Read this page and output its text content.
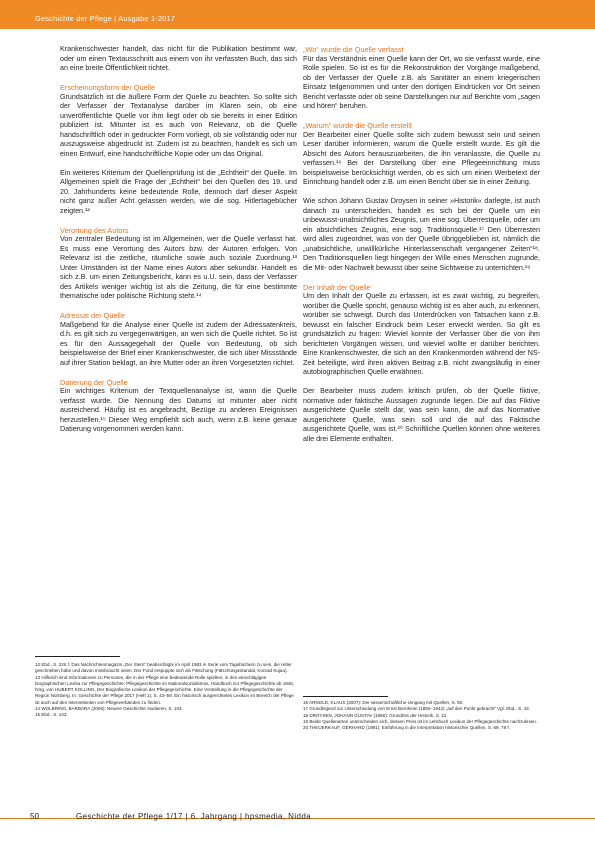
Geschichte der Pflege | Ausgabe 1-2017

Krankenschwester handelt, das nicht für die Publikation bestimmt war, oder um einen Textausschnitt aus einem von ihr verfassten Buch, das sich an eine breite Öffentlichkeit richtet.

Erscheinungsform der Quelle

Grundsätzlich ist die äußere Form der Quelle zu beachten. So sollte sich der Verfasser der Textanalyse darüber im Klaren sein, ob eine unveröffentlichte Quelle vor ihm liegt oder ob sie bereits in einer Edition publiziert ist. Mitunter ist es auch von Relevanz, ob die Quelle handschriftlich oder in gedruckter Form vorliegt, ob sie vollständig oder nur auszugsweise abgedruckt ist. Zudem ist zu beachten, handelt es sich um einen Entwurf, eine handschriftliche Kopie oder um das Original.

Ein weiteres Kriterium der Quellenprüfung ist die „Echtheit“ der Quelle. Im Allgemeinen spielt die Frage der „Echtheit“ bei den Quellen des 19. und 20. Jahrhunderts keine bedeutende Rolle, dennoch darf dieser Aspekt nicht ganz außer Acht gelassen werden, wie die sog. Hitlertagebücher zeigten.¹²

Verortung des Autors

Von zentraler Bedeutung ist im Allgemeinen, wer die Quelle verfasst hat. Es muss eine Verortung des Autors bzw. der Autoren erfolgen. Von Relevanz ist die zeitliche, räumliche sowie auch soziale Zuordnung.¹³ Unter Umständen ist der Name eines Autors aber sekundär. Handelt es sich z.B. um einen Zeitungsbericht, kann es u.U. sein, dass der Verfasser des Artikels weniger wichtig ist als die Zeitung, die für eine bestimmte thematische oder politische Richtung steht.¹⁴

Adressat der Quelle

Maßgebend für die Analyse einer Quelle ist zudem der Adressatenkreis, d.h. es gilt sich zu vergegenwärtigen, an wen sich die Quelle richtet. So ist es für den Aussagegehalt der Quelle von Bedeutung, ob sich beispielsweise der Brief einer Krankenschwester, die sich über Missstände auf ihrer Station beklagt, an ihre Mutter oder an ihren Vorgesetzten richtet.

Datierung der Quelle

Ein wichtiges Kriterium der Textquellenanalyse ist, wann die Quelle verfasst wurde. Die Nennung des Datums ist mitunter aber nicht ausreichend. Häufig ist es angebracht, Bezüge zu anderen Ereignissen herzustellen.¹⁵ Dieser Weg empfiehlt sich auch, wenn z.B. keine genaue Datierung vorgenommen werden kann.

„Wo“ wurde die Quelle verfasst

Für das Verständnis einer Quelle kann der Ort, wo sie verfasst wurde, eine Rolle spielen. So ist es für die Rekonstruktion der Vorgänge maßgebend, ob der Verfasser der Quelle z.B. als Sanitäter an einem kriegerischen Einsatz teilgenommen und unter den dortigen Eindrücken vor Ort seinen Bericht verfasste oder ob seine Darstellungen nur auf Berichte vom „sagen und hören“ beruhen.

„Warum“ wurde die Quelle erstellt

Der Bearbeiter einer Quelle sollte sich zudem bewusst sein und seinen Leser darüber informieren, warum die Quelle erstellt wurde. Es gilt die Absicht des Autors herauszuarbeiten, die ihn veranlasste, die Quelle zu verfassen.¹⁶ Bei der Darstellung über eine Pflegeeinrichtung muss beispielsweise berücksichtigt werden, ob es sich um einen Werbetext der Einrichtung handelt oder z.B. um einen Bericht über sie in einer Zeitung.

Wie schon Johann Gustav Droysen in seiner »Historik« darlegte, ist auch danach zu unterscheiden, handelt es sich bei der Quelle um ein unbewusst-unabsichtliches Zeugnis, um eine sog. Überrestquelle, oder um ein absichtliches Zeugnis, eine sog. Traditionsquelle.¹⁷ Den Überresten wird alles zugeordnet, was von der Quelle übriggeblieben ist, nämlich die „unabsichtliche, unwillkürliche Hinterlassenschaft vergangener Zeiten“¹⁸. Den Traditionsquellen liegt hingegen der Wille eines Menschen zugrunde, die Mit- oder Nachwelt bewusst über seine Sichtweise zu unterrichten.¹⁹

Der Inhalt der Quelle

Um den Inhalt der Quelle zu erfassen, ist es zwar wichtig, zu begreifen, worüber die Quelle spricht, genauso wichtig ist es aber auch, zu erkennen, worüber sie schweigt. Durch das Unterdrücken von Tatsachen kann z.B. bewusst ein falscher Eindruck beim Leser erweckt werden. So gilt es grundsätzlich zu fragen: Wieviel konnte der Verfasser über die von ihm berichteten Vorgängen wissen, und wieviel wollte er darüber berichten. Eine Krankenschwester, die sich an den Krankenmorden während der NS-Zeit beteiligte, wird ihren aktiven Beitrag z.B. nicht zwangsläufig in einer autobiographischen Quelle erwähnen.

Der Bearbeiter muss zudem kritisch prüfen, ob der Quelle fiktive, normative oder faktische Aussagen zugrunde liegen. Die auf das Fiktive ausgerichtete Quelle stellt dar, was sein kann, die auf das Normative ausgerichtete Quelle, was sein soll und die auf das Faktische ausgerichtete Quelle, was ist.²⁰ Schriftliche Quellen können ohne weiteres alle drei Elemente enthalten.

12 Ebd., S. 226 f. Das Nachrichtenmagazin „Der Stern“ beabsichtigte im April 1983 in Serie vom Tagebüchern zu sein, die Hitler geschrieben habe und davon missbraucht seien. Der Fund entpuppte sich als Fälschung (Fälschungsskandal, Konrad Kujau).

13 Hilfreich sind Informationen zu Personen, die in der Pflege eine bedeutende Rolle spielten, in den einschlägigen biographischen Lexika zur Pflegegeschichte: Pflegegeschichte im Nationalsozialismus, Handbuch zur Pflegegeschichte ab 1945, hrsg. von HUBERT KOLLING, Der Biografische Lexikon der Pflegegeschichte. Eine Vorstellung in die Pflegegeschichte der Region Nürnberg. In: Geschichte der Pflege 2017 (Heft 1), S. 43–59. Ein historisch ausgerichtetes Lexikon im Bereich der Pflege ist auch auf den Internetseiten von Pflegeverbänden zu finden.

14 WOLBRING, BARBARA (2006): Neuere Geschichte studieren, S. 103.

15 Ebd., S. 133.

16 ARNOLD, KLAUS (2007): Der wissenschaftliche Umgang mit Quellen, S. 50.

17 Grundlegend zur Unterscheidung von Ernst Bernheim (1850–1942) „auf den Punkt gebracht“ Vgl. Ebd., S. 43.

18 DROYSEN, JOHANN GUSTAV (1868): Grundriss der Historik, S. 22.

19 Beide Quellenarten unterscheiden sich, dessen Preis ist im Lehrbuch Lexikon der Pflegegeschichte nachzulesen.

20 THEUERKAUF, GERHARD (1991): Einführung in die Interpretation historischer Quellen, S. 69, 78 f.

50	Geschichte der Pflege 1/17 | 6. Jahrgang | hpsmedia, Nidda
